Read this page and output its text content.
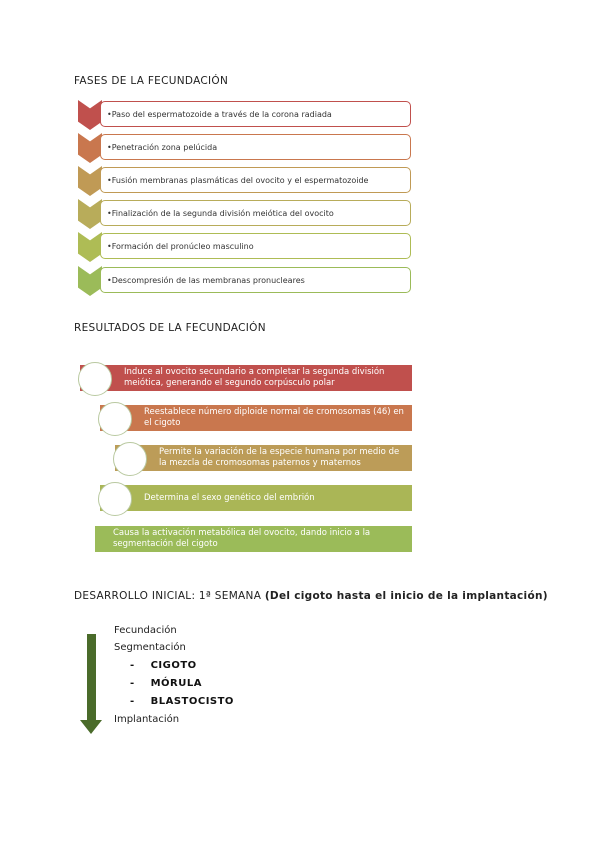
FASES DE LA FECUNDACIÓN
•Paso del espermatozoide a través de la corona radiada
•Penetración zona pelúcida
•Fusión membranas plasmáticas del ovocito y el espermatozoide
•Finalización de la segunda división meiótica del ovocito
•Formación del pronúcleo masculino
•Descompresión de las membranas pronucleares
RESULTADOS DE LA FECUNDACIÓN
Induce al ovocito secundario a completar la segunda división meiótica, generando el segundo corpúsculo polar
Reestablece número diploide normal de cromosomas (46) en el cigoto
Permite la variación de la especie humana por medio de la mezcla de cromosomas paternos y maternos
Determina el sexo genético del embrión
Causa la activación metabólica del ovocito, dando inicio a la segmentación del cigoto
DESARROLLO INICIAL: 1ª SEMANA (Del cigoto hasta el inicio de la implantación)
Fecundación
Segmentación
- CIGOTO
- MÓRULA
- BLASTOCISTO
Implantación
